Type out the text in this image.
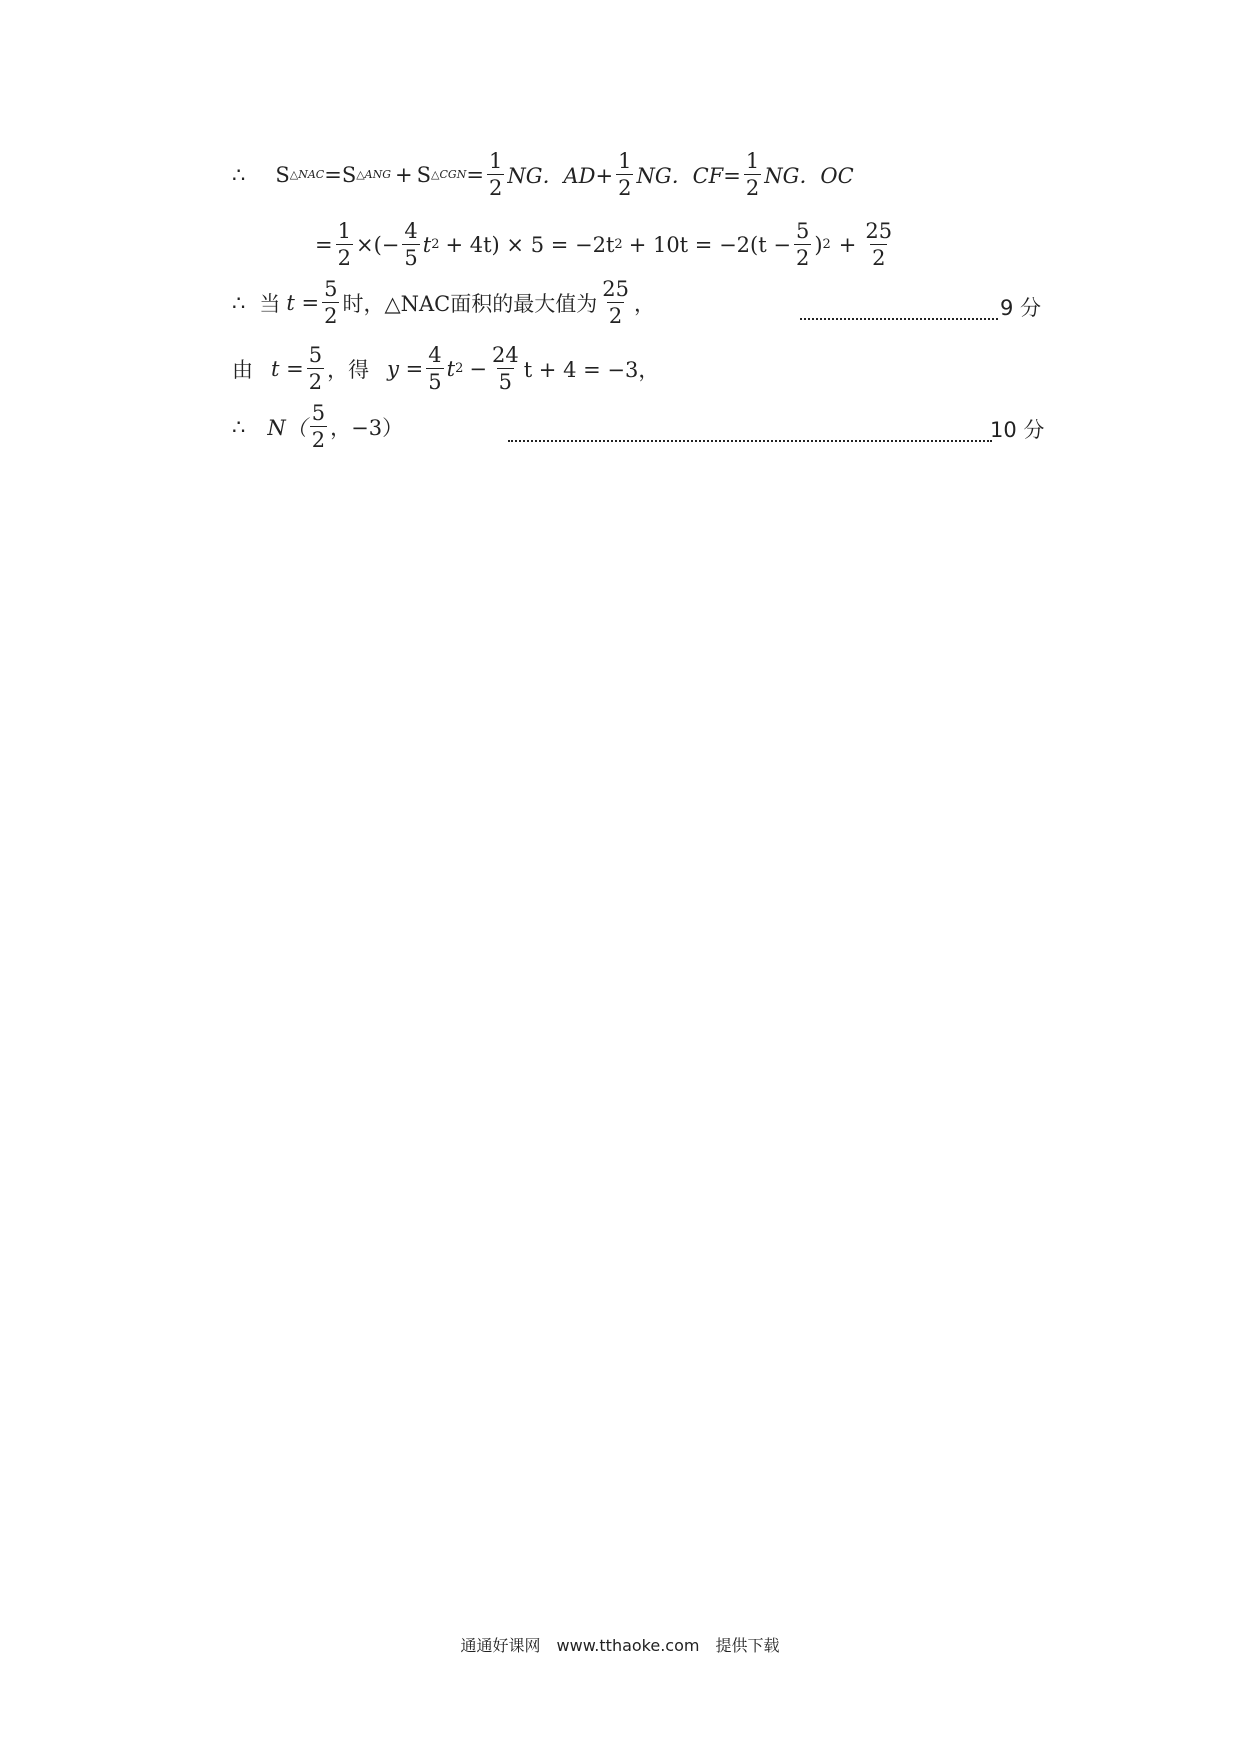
∴ S △NAC = S △ANG + S △CGN = $\frac{1}{2}$ NG．$AD+ \frac{1}{2}$ NG．$CF= \frac{1}{2}$ NG．OC
= $\frac{1}{2}$ ×(− $\frac{4}{5}$ t 2 + 4t) × 5 = −2t $2 + 10t = -2(t - \frac{5}{2}$ ) $2 + \frac{25}{2}$
∴ 当 $t = \frac{5}{2}$ 时，△NAC面积的最大值为 $\frac{25}{2}$ ，	9 分
由 $t = \frac{5}{2}$ ，得 $y = \frac{4}{5}$ t $2 - \frac{24}{5}$ t + 4 = −3，
∴ $N( \frac{5}{2}$ ，−3）	10 分
通通好课网　www.tthaoke.com　提供下载
